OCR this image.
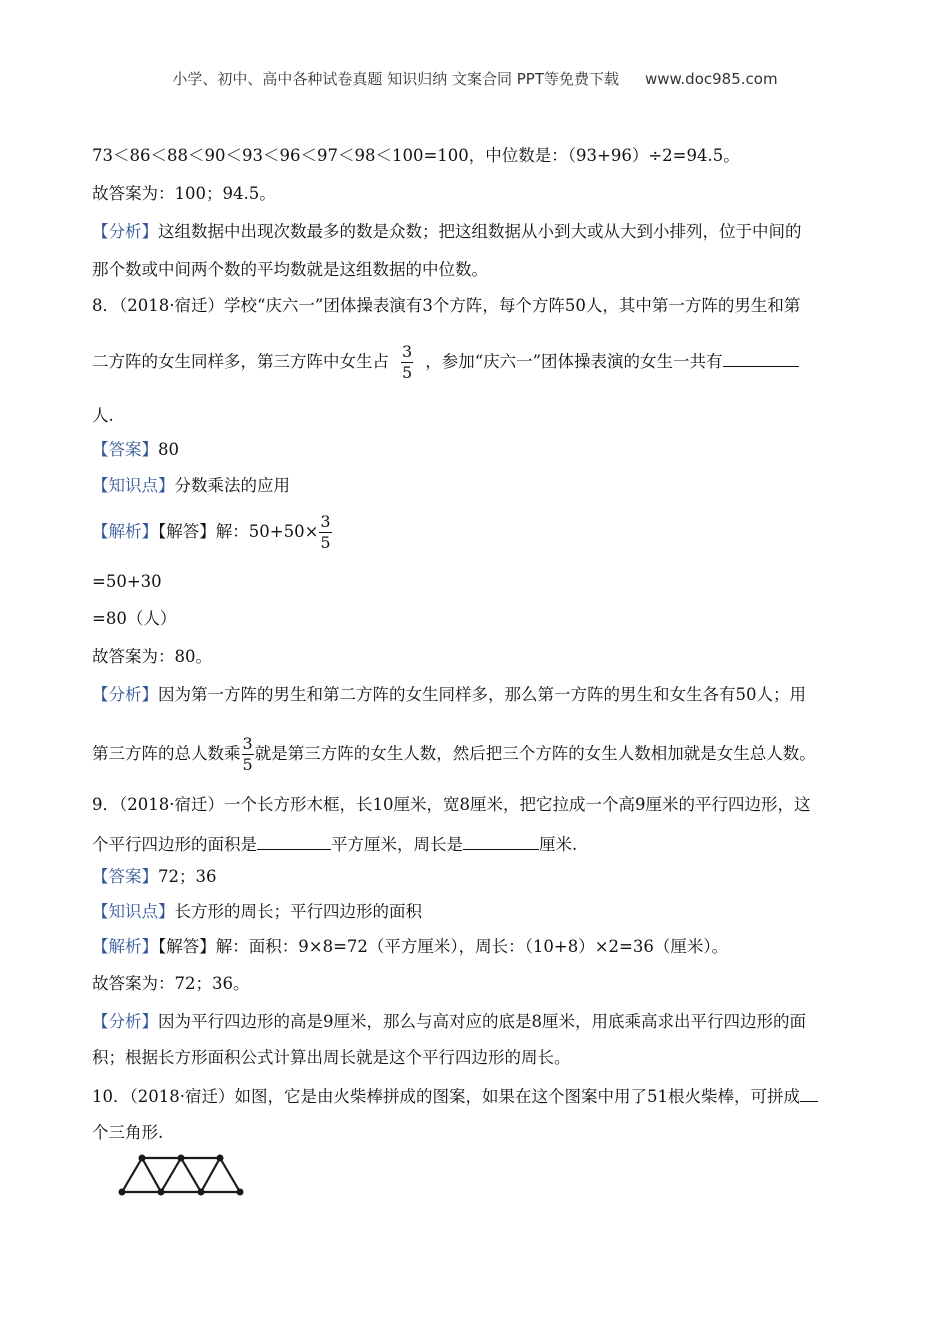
小学、初中、高中各种试卷真题 知识归纳 文案合同 PPT等免费下载 www.doc985.com
73＜86＜88＜90＜93＜96＜97＜98＜100=100，中位数是：（93+96）÷2=94.5。
故答案为：100；94.5。
【分析】这组数据中出现次数最多的数是众数；把这组数据从小到大或从大到小排列，位于中间的
那个数或中间两个数的平均数就是这组数据的中位数。
8．（2018·宿迁）学校“庆六一”团体操表演有3个方阵，每个方阵50人，其中第一方阵的男生和第
二方阵的女生同样多，第三方阵中女生占 $\frac{3}{5}$ ，参加“庆六一”团体操表演的女生一共有
人.
【答案】80
【知识点】分数乘法的应用
【解析】【解答】解：$50+50\times \frac{3}{5}$
=50+30
=80（人）
故答案为：80。
【分析】因为第一方阵的男生和第二方阵的女生同样多，那么第一方阵的男生和女生各有50人；用
第三方阵的总人数乘 $\frac{3}{5}$ 就是第三方阵的女生人数，然后把三个方阵的女生人数相加就是女生总人数。
9．（2018·宿迁）一个长方形木框，长10厘米，宽8厘米，把它拉成一个高9厘米的平行四边形，这
个平行四边形的面积是	平方厘米，周长是	厘米.
【答案】72；36
【知识点】长方形的周长；平行四边形的面积
【解析】【解答】解：面积：9×8=72（平方厘米），周长：（10+8）×2=36（厘米）。
故答案为：72；36。
【分析】因为平行四边形的高是9厘米，那么与高对应的底是8厘米，用底乘高求出平行四边形的面
积；根据长方形面积公式计算出周长就是这个平行四边形的周长。
10．（2018·宿迁）如图，它是由火柴棒拼成的图案，如果在这个图案中用了51根火柴棒，可拼成
个三角形.
